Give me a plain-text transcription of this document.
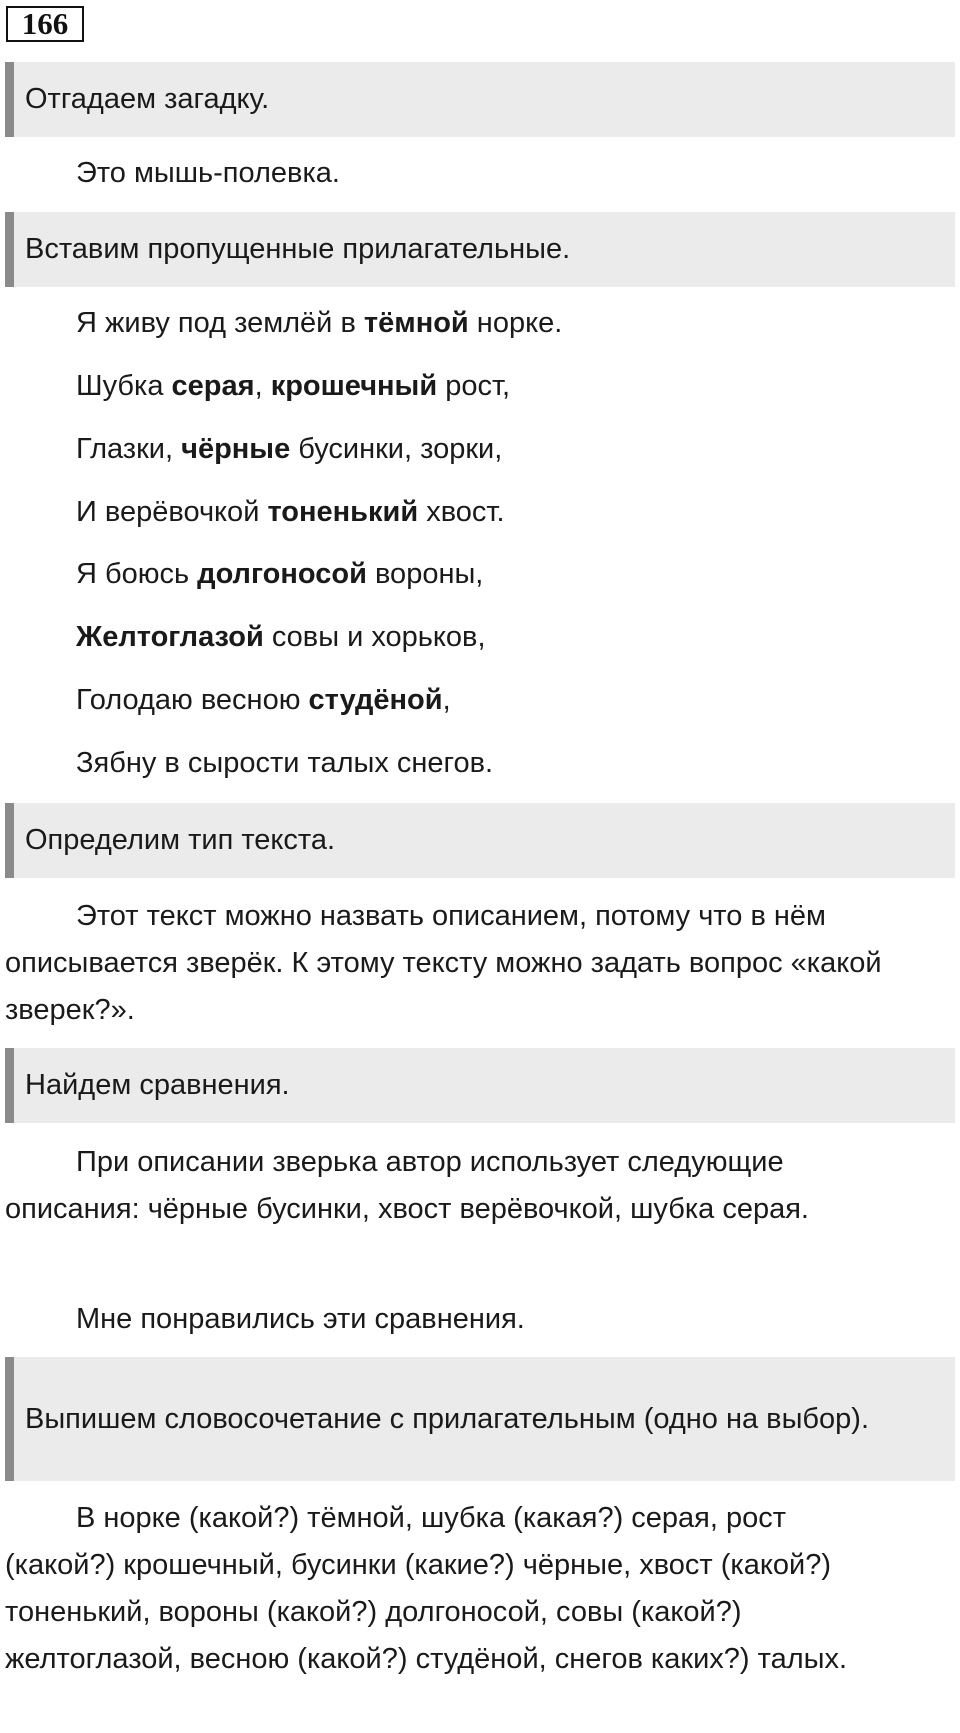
166
Отгадаем загадку.
Это мышь-полевка.
Вставим пропущенные прилагательные.
Я живу под землёй в тёмной норке.
Шубка серая, крошечный рост,
Глазки, чёрные бусинки, зорки,
И верёвочкой тоненький хвост.
Я боюсь долгоносой вороны,
Желтоглазой совы и хорьков,
Голодаю весною студёной,
Зябну в сырости талых снегов.
Определим тип текста.

Этот текст можно назвать описанием, потому что в нём описывается зверёк. К этому тексту можно задать вопрос «какой зверек?».

Найдем сравнения.

При описании зверька автор использует следующие описания: чёрные бусинки, хвост верёвочкой, шубка серая.

Мне понравились эти сравнения.

Выпишем словосочетание с прилагательным (одно на выбор).

В норке (какой?) тёмной, шубка (какая?) серая, рост (какой?) крошечный, бусинки (какие?) чёрные, хвост (какой?) тоненький, вороны (какой?) долгоносой, совы (какой?) желтоглазой, весною (какой?) студёной, снегов каких?) талых.
